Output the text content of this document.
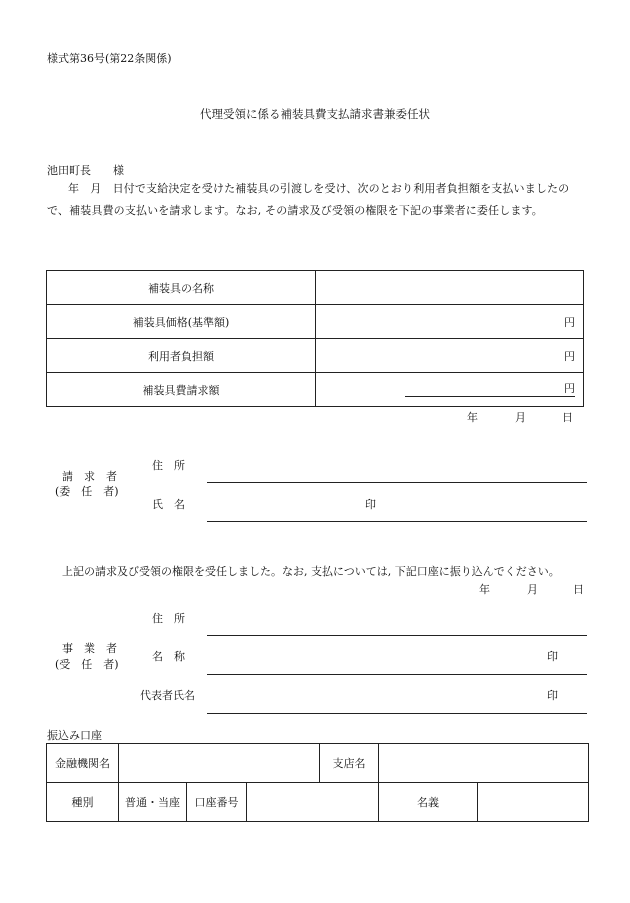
様式第36号(第22条関係)
代理受領に係る補装具費支払請求書兼委任状
池田町長　　様
年　月　日付で支給決定を受けた補装具の引渡しを受け、次のとおり利用者負担額を支払いましたので、補装具費の支払いを請求します。なお, その請求及び受領の権限を下記の事業者に委任します。
補装具の名称	
補装具価格(基準額)	円
利用者負担額	円
補装具費請求額	円
年	月	日
請　求　者
(委　任　者)
住　所
氏　名	印
上記の請求及び受領の権限を受任しました。なお, 支払については, 下記口座に振り込んでください。
年	月	日
住　所
事　業　者
(受　任　者)
名　称	印
代表者氏名	印
振込み口座
金融機関名				支店名		
種別	普通・当座	口座番号			名義	
